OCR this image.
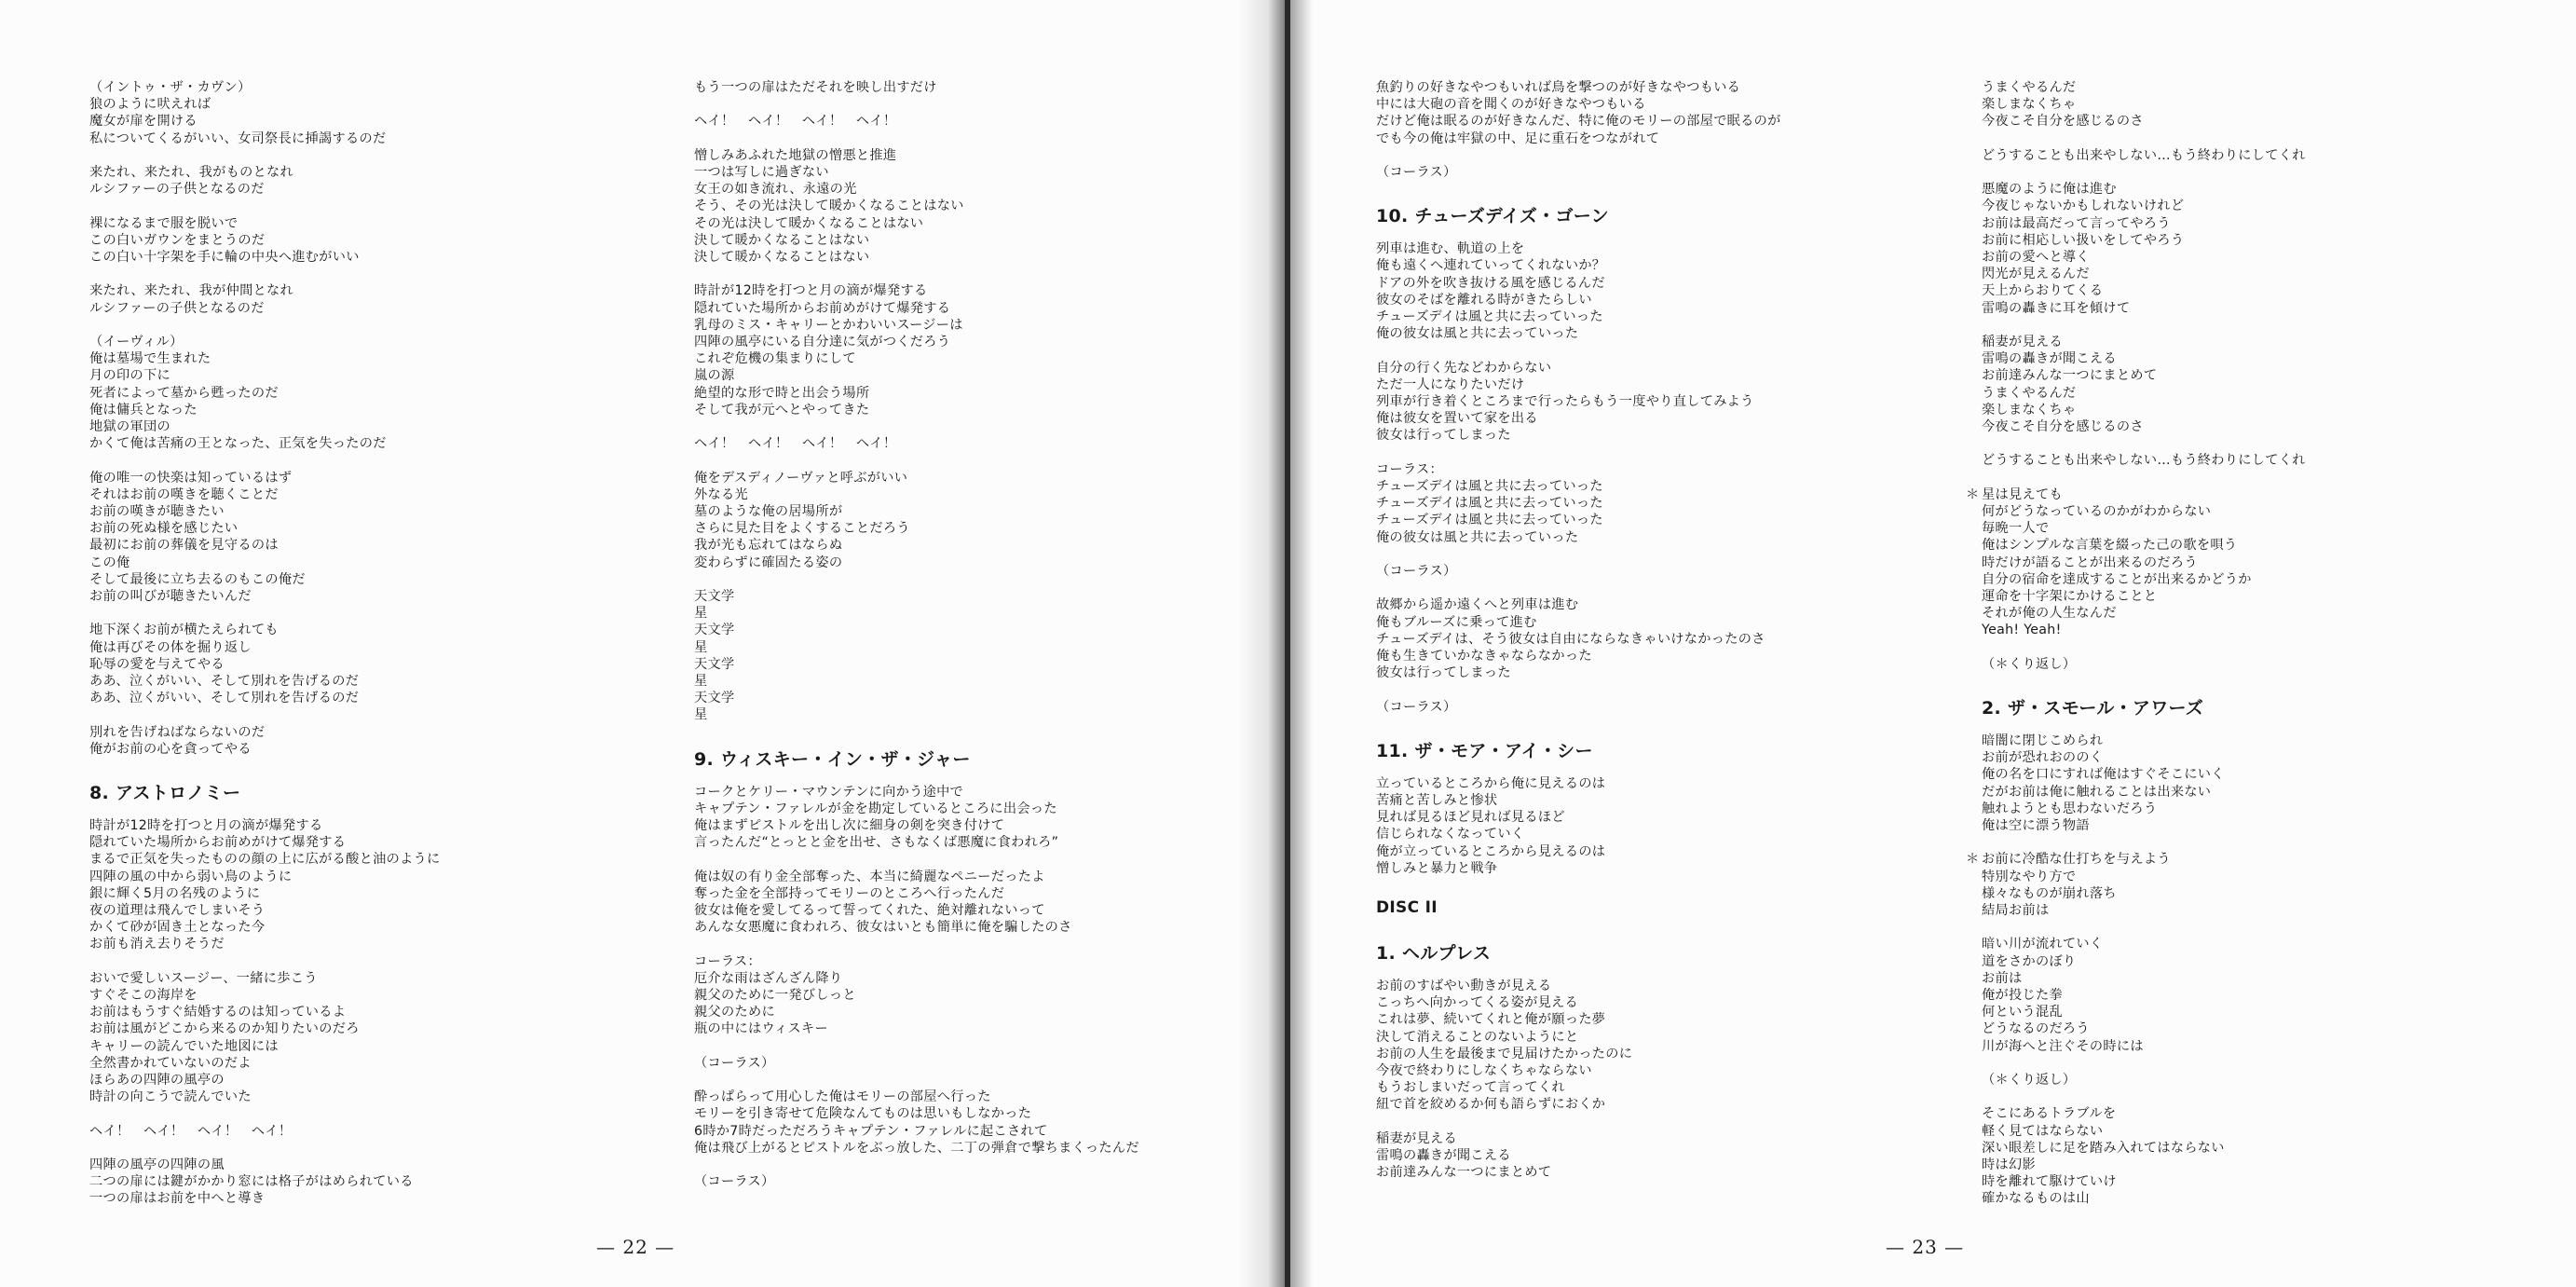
（イントゥ・ザ・カヴン）
狼のように吠えれば
魔女が扉を開ける
私についてくるがいい、女司祭長に挿謁するのだ
来たれ、来たれ、我がものとなれ
ルシファーの子供となるのだ
裸になるまで服を脱いで
この白いガウンをまとうのだ
この白い十字架を手に輪の中央へ進むがいい
来たれ、来たれ、我が仲間となれ
ルシファーの子供となるのだ
（イーヴィル）
俺は墓場で生まれた
月の印の下に
死者によって墓から甦ったのだ
俺は傭兵となった
地獄の軍団の
かくて俺は苦痛の王となった、正気を失ったのだ
俺の唯一の快楽は知っているはず
それはお前の嘆きを聴くことだ
お前の嘆きが聴きたい
お前の死ぬ様を感じたい
最初にお前の葬儀を見守るのは
この俺
そして最後に立ち去るのもこの俺だ
お前の叫びが聴きたいんだ
地下深くお前が横たえられても
俺は再びその体を掘り返し
恥辱の愛を与えてやる
ああ、泣くがいい、そして別れを告げるのだ
ああ、泣くがいい、そして別れを告げるのだ
別れを告げねばならないのだ
俺がお前の心を貪ってやる
8. アストロノミー
時計が12時を打つと月の滴が爆発する
隠れていた場所からお前めがけて爆発する
まるで正気を失ったものの顔の上に広がる酸と油のように
四陣の風の中から弱い鳥のように
銀に輝く5月の名残のように
夜の道理は飛んでしまいそう
かくて砂が固き土となった今
お前も消え去りそうだ
おいで愛しいスージー、一緒に歩こう
すぐそこの海岸を
お前はもうすぐ結婚するのは知っているよ
お前は風がどこから来るのか知りたいのだろ
キャリーの読んでいた地図には
全然書かれていないのだよ
ほらあの四陣の風亭の
時計の向こうで読んでいた
ヘイ！　ヘイ！　ヘイ！　ヘイ！
四陣の風亭の四陣の風
二つの扉には鍵がかかり窓には格子がはめられている
一つの扉はお前を中へと導き
もう一つの扉はただそれを映し出すだけ
ヘイ！　ヘイ！　ヘイ！　ヘイ！
憎しみあふれた地獄の憎悪と推進
一つは写しに過ぎない
女王の如き流れ、永遠の光
そう、その光は決して暖かくなることはない
その光は決して暖かくなることはない
決して暖かくなることはない
決して暖かくなることはない
時計が12時を打つと月の滴が爆発する
隠れていた場所からお前めがけて爆発する
乳母のミス・キャリーとかわいいスージーは
四陣の風亭にいる自分達に気がつくだろう
これぞ危機の集まりにして
嵐の源
絶望的な形で時と出会う場所
そして我が元へとやってきた
ヘイ！　ヘイ！　ヘイ！　ヘイ！
俺をデスディノーヴァと呼ぶがいい
外なる光
墓のような俺の居場所が
さらに見た目をよくすることだろう
我が光も忘れてはならぬ
変わらずに確固たる姿の
天文学
星
天文学
星
天文学
星
天文学
星
9. ウィスキー・イン・ザ・ジャー
コークとケリー・マウンテンに向かう途中で
キャプテン・ファレルが金を勘定しているところに出会った
俺はまずピストルを出し次に細身の剣を突き付けて
言ったんだ“とっとと金を出せ、さもなくば悪魔に食われろ”
俺は奴の有り金全部奪った、本当に綺麗なペニーだったよ
奪った金を全部持ってモリーのところへ行ったんだ
彼女は俺を愛してるって誓ってくれた、絶対離れないって
あんな女悪魔に食われろ、彼女はいとも簡単に俺を騙したのさ
コーラス：
厄介な雨はざんざん降り
親父のために一発びしっと
親父のために
瓶の中にはウィスキー
（コーラス）
酔っぱらって用心した俺はモリーの部屋へ行った
モリーを引き寄せて危険なんてものは思いもしなかった
6時か7時だっただろうキャプテン・ファレルに起こされて
俺は飛び上がるとピストルをぶっ放した、二丁の弾倉で撃ちまくったんだ
（コーラス）
魚釣りの好きなやつもいれば鳥を撃つのが好きなやつもいる
中には大砲の音を聞くのが好きなやつもいる
だけど俺は眠るのが好きなんだ、特に俺のモリーの部屋で眠るのが
でも今の俺は牢獄の中、足に重石をつながれて
（コーラス）
10. チューズデイズ・ゴーン
列車は進む、軌道の上を
俺も遠くへ連れていってくれないか？
ドアの外を吹き抜ける風を感じるんだ
彼女のそばを離れる時がきたらしい
チューズデイは風と共に去っていった
俺の彼女は風と共に去っていった
自分の行く先などわからない
ただ一人になりたいだけ
列車が行き着くところまで行ったらもう一度やり直してみよう
俺は彼女を置いて家を出る
彼女は行ってしまった
コーラス：
チューズデイは風と共に去っていった
チューズデイは風と共に去っていった
チューズデイは風と共に去っていった
俺の彼女は風と共に去っていった
（コーラス）
故郷から遥か遠くへと列車は進む
俺もブルーズに乗って進む
チューズデイは、そう彼女は自由にならなきゃいけなかったのさ
俺も生きていかなきゃならなかった
彼女は行ってしまった
（コーラス）
11. ザ・モア・アイ・シー
立っているところから俺に見えるのは
苦痛と苦しみと惨状
見れば見るほど見れば見るほど
信じられなくなっていく
俺が立っているところから見えるのは
憎しみと暴力と戦争
DISC II
1. ヘルプレス
お前のすばやい動きが見える
こっちへ向かってくる姿が見える
これは夢、続いてくれと俺が願った夢
決して消えることのないようにと
お前の人生を最後まで見届けたかったのに
今夜で終わりにしなくちゃならない
もうおしまいだって言ってくれ
紐で首を絞めるか何も語らずにおくか
稲妻が見える
雷鳴の轟きが聞こえる
お前達みんな一つにまとめて
うまくやるんだ
楽しまなくちゃ
今夜こそ自分を感じるのさ
どうすることも出来やしない…もう終わりにしてくれ
悪魔のように俺は進む
今夜じゃないかもしれないけれど
お前は最高だって言ってやろう
お前に相応しい扱いをしてやろう
お前の愛へと導く
閃光が見えるんだ
天上からおりてくる
雷鳴の轟きに耳を傾けて
稲妻が見える
雷鳴の轟きが聞こえる
お前達みんな一つにまとめて
うまくやるんだ
楽しまなくちゃ
今夜こそ自分を感じるのさ
どうすることも出来やしない…もう終わりにしてくれ
＊ 星は見えても
何がどうなっているのかがわからない
毎晩一人で
俺はシンプルな言葉を綴った己の歌を唄う
時だけが語ることが出来るのだろう
自分の宿命を達成することが出来るかどうか
運命を十字架にかけることと
それが俺の人生なんだ
Yeah! Yeah!
（＊くり返し）
2. ザ・スモール・アワーズ
暗闇に閉じこめられ
お前が恐れおののく
俺の名を口にすれば俺はすぐそこにいく
だがお前は俺に触れることは出来ない
触れようとも思わないだろう
俺は空に漂う物語
＊ お前に冷酷な仕打ちを与えよう
特別なやり方で
様々なものが崩れ落ち
結局お前は
暗い川が流れていく
道をさかのぼり
お前は
俺が投じた拳
何という混乱
どうなるのだろう
川が海へと注ぐその時には
（＊くり返し）
そこにあるトラブルを
軽く見てはならない
深い眼差しに足を踏み入れてはならない
時は幻影
時を離れて駆けていけ
確かなるものは山
— 22 —	— 23 —
